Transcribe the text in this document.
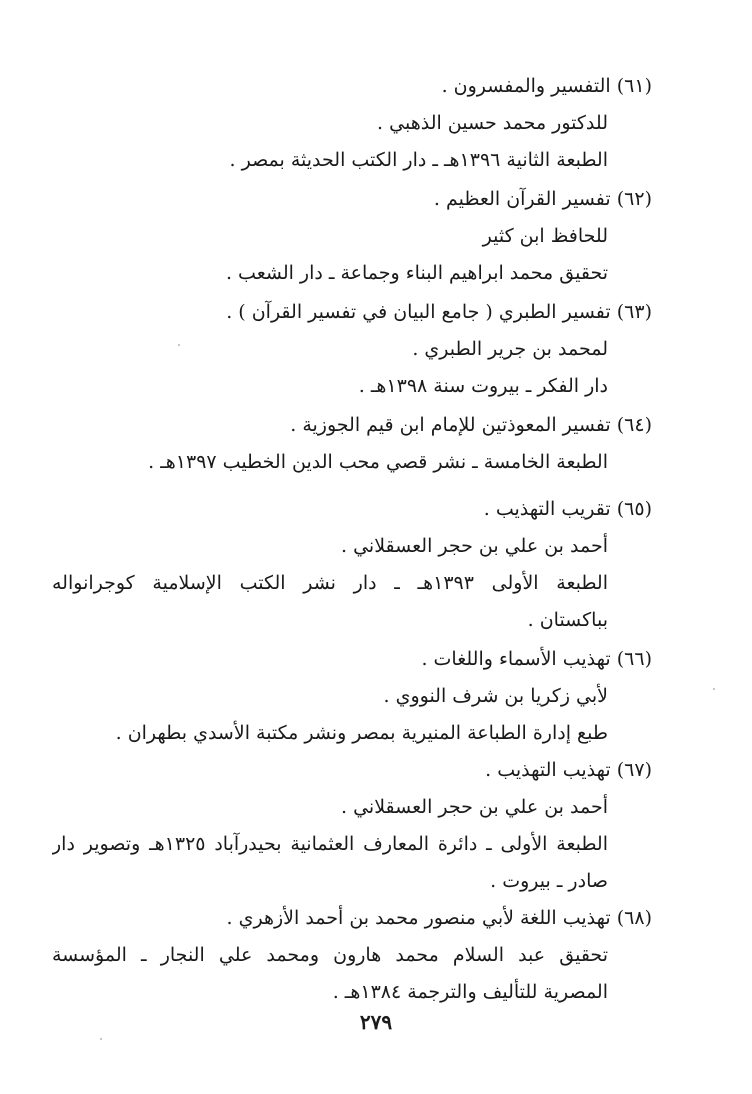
(٦١) التفسير والمفسرون .
للدكتور محمد حسين الذهبي .
الطبعة الثانية ١٣٩٦هـ ـ دار الكتب الحديثة بمصر .
(٦٢) تفسير القرآن العظيم .
للحافظ ابن كثير
تحقيق محمد ابراهيم البناء وجماعة ـ دار الشعب .
(٦٣) تفسير الطبري ( جامع البيان في تفسير القرآن ) .
لمحمد بن جرير الطبري .
دار الفكر ـ بيروت سنة ١٣٩٨هـ .
(٦٤) تفسير المعوذتين للإمام ابن قيم الجوزية .
الطبعة الخامسة ـ نشر قصي محب الدين الخطيب ١٣٩٧هـ .
(٦٥) تقريب التهذيب .
أحمد بن علي بن حجر العسقلاني .
الطبعة الأولى ١٣٩٣هـ ـ دار نشر الكتب الإسلامية كوجرانواله
بباكستان .
(٦٦) تهذيب الأسماء واللغات .
لأبي زكريا بن شرف النووي .
طبع إدارة الطباعة المنيرية بمصر ونشر مكتبة الأسدي بطهران .
(٦٧) تهذيب التهذيب .
أحمد بن علي بن حجر العسقلاني .
الطبعة الأولى ـ دائرة المعارف العثمانية بحيدرآباد ١٣٢٥هـ وتصوير دار
صادر ـ بيروت .
(٦٨) تهذيب اللغة لأبي منصور محمد بن أحمد الأزهري .
تحقيق عبد السلام محمد هارون ومحمد علي النجار ـ المؤسسة
المصرية للتأليف والترجمة ١٣٨٤هـ .
٢٧٩
